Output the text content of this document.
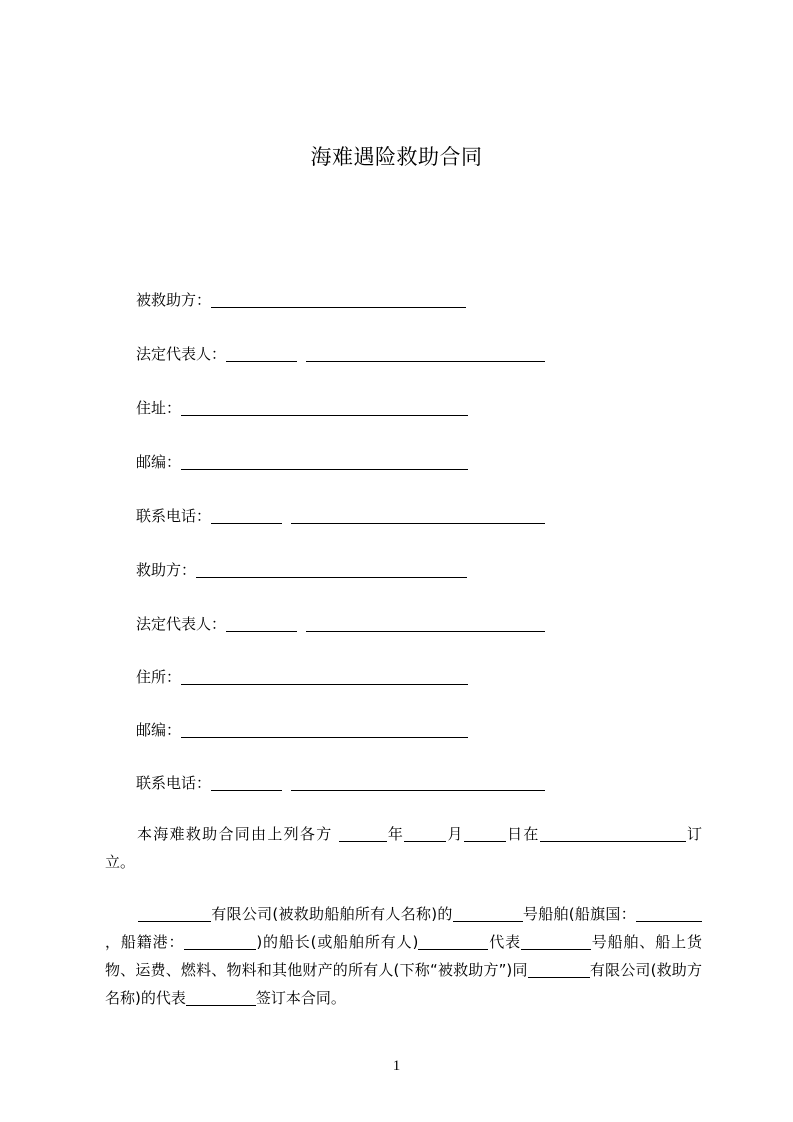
海难遇险救助合同
被救助方：
法定代表人：
住址：
邮编：
联系电话：
救助方：
法定代表人：
住所：
邮编：
联系电话：
本海难救助合同由上列各方	年	月	日在	订立。
有限公司(被救助船舶所有人名称)的	号船舶(船旗国：，船籍港：	)的船长(或船舶所有人)	代表	号船舶、船上货物、运费、燃料、物料和其他财产的所有人(下称“被救助方”)同	有限公司(救助方名称)的代表	签订本合同。
1
